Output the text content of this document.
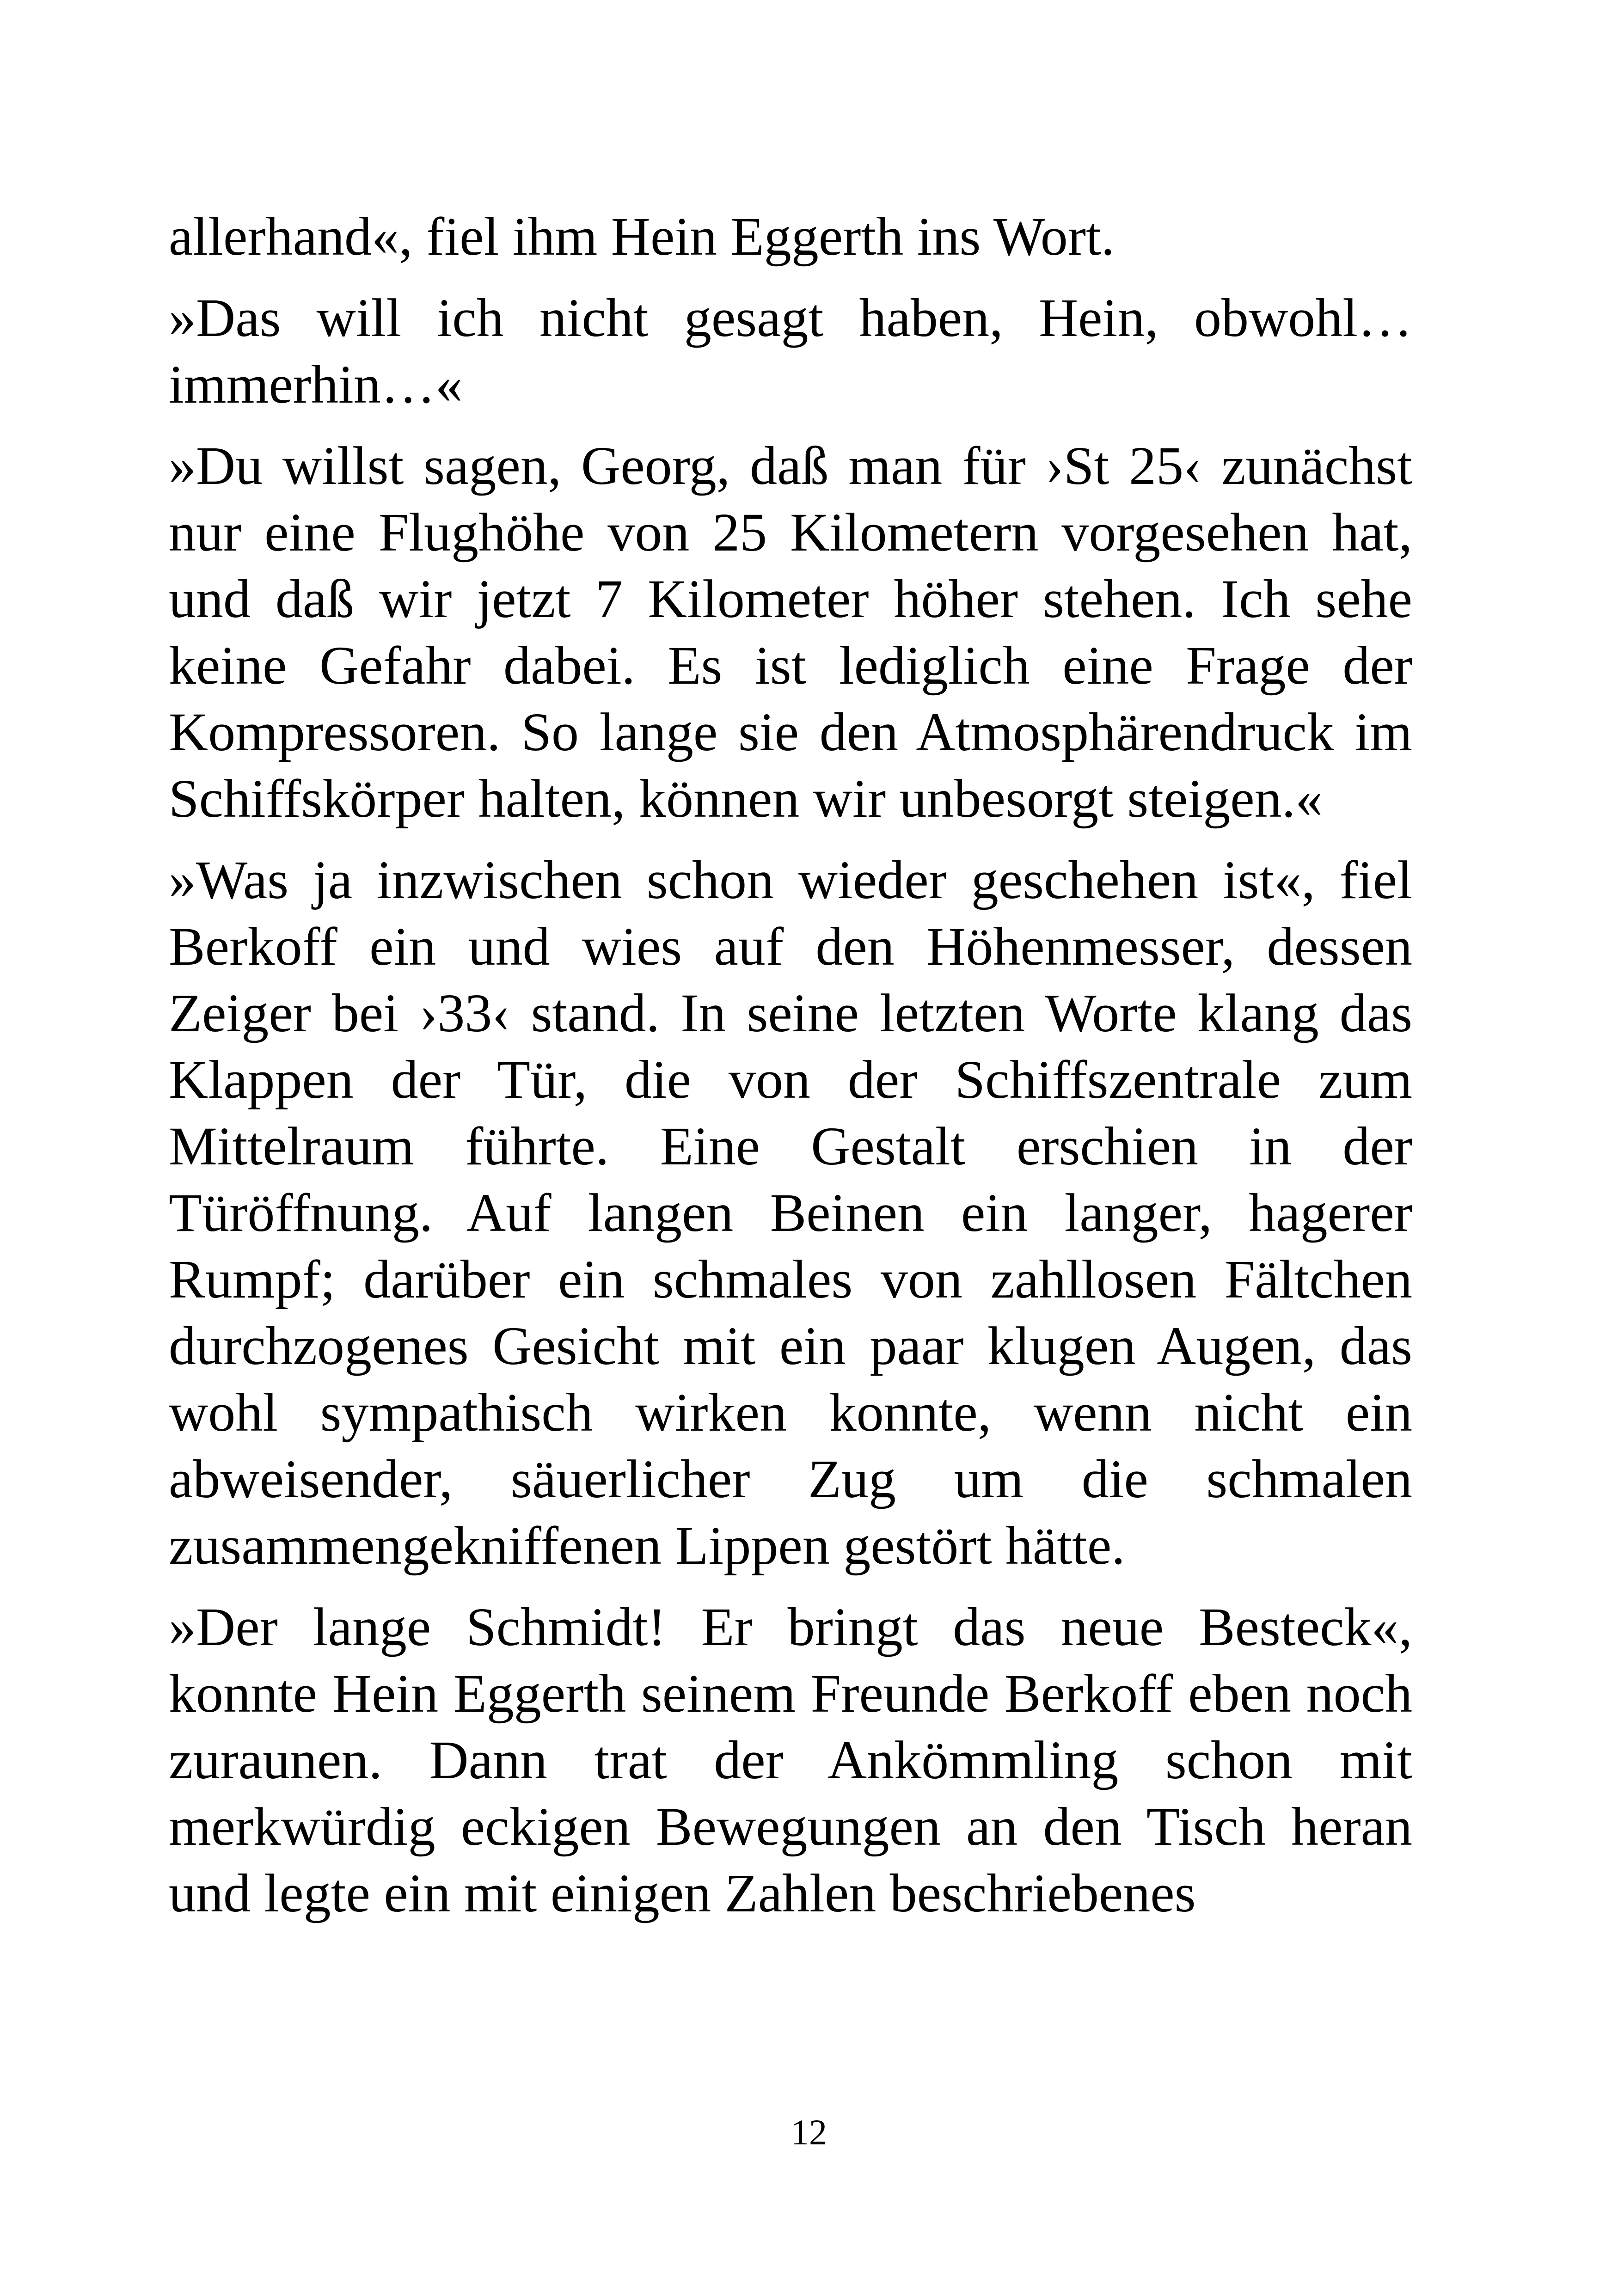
allerhand«, fiel ihm Hein Eggerth ins Wort.

»Das will ich nicht gesagt haben, Hein, obwohl… immerhin…«

»Du willst sagen, Georg, daß man für ›St 25‹ zunächst nur eine Flughöhe von 25 Kilometern vorgesehen hat, und daß wir jetzt 7 Kilometer höher stehen. Ich sehe keine Gefahr dabei. Es ist lediglich eine Frage der Kompressoren. So lange sie den Atmosphärendruck im Schiffskörper halten, können wir unbesorgt steigen.«

»Was ja inzwischen schon wieder geschehen ist«, fiel Berkoff ein und wies auf den Höhenmesser, dessen Zeiger bei ›33‹ stand. In seine letzten Worte klang das Klappen der Tür, die von der Schiffszentrale zum Mittelraum führte. Eine Gestalt erschien in der Türöffnung. Auf langen Beinen ein langer, hagerer Rumpf; darüber ein schmales von zahllosen Fältchen durchzogenes Gesicht mit ein paar klugen Augen, das wohl sympathisch wirken konnte, wenn nicht ein abweisender, säuerlicher Zug um die schmalen zusammengekniffenen Lippen gestört hätte.

»Der lange Schmidt! Er bringt das neue Besteck«, konnte Hein Eggerth seinem Freunde Berkoff eben noch zuraunen. Dann trat der Ankömmling schon mit merkwürdig eckigen Bewegungen an den Tisch heran und legte ein mit einigen Zahlen beschriebenes

12
